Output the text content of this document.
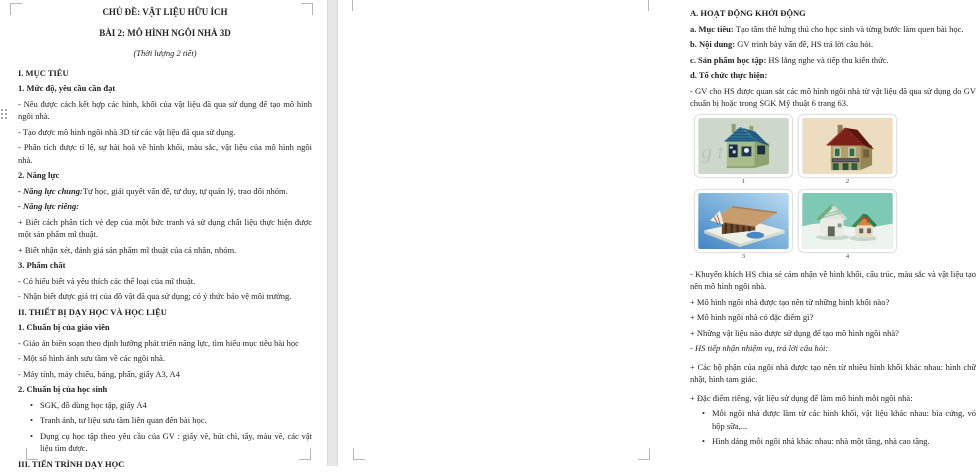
CHỦ ĐỀ: VẬT LIỆU HỮU ÍCH

BÀI 2: MÔ HÌNH NGÔI NHÀ 3D

(Thời lượng 2 tiết)

I. MỤC TIÊU

1. Mức độ, yêu cầu cần đạt

- Nêu được cách kết hợp các hình, khối của vật liệu đã qua sử dụng để tạo mô hình ngôi nhà.

- Tạo được mô hình ngôi nhà 3D từ các vật liệu đã qua sử dụng.

- Phân tích được tỉ lệ, sự hài hoà về hình khối, màu sắc, vật liệu của mô hình ngôi nhà.

2. Năng lực

- Năng lực chung:Tự học, giải quyết vấn đề, tư duy, tự quản lý, trao đổi nhóm.

- Năng lực riêng:

+ Biết cách phân tích vẻ đẹp của một bức tranh và sử dụng chất liệu thực hiện được một sản phẩm mĩ thuật.

+ Biết nhận xét, đánh giá sản phẩm mĩ thuật của cá nhân, nhóm.

3. Phẩm chất

- Có hiểu biết và yêu thích các thể loại của mĩ thuật.

- Nhận biết được giá trị của đồ vật đã qua sử dụng; có ý thức bảo vệ môi trường.

II. THIẾT BỊ DẠY HỌC VÀ HỌC LIỆU

1. Chuẩn bị của giáo viên

- Giáo án biên soạn theo định hướng phát triển năng lực, tìm hiểu mục tiêu bài học

- Một số hình ảnh sưu tầm về các ngôi nhà.

- Máy tính, máy chiếu, bảng, phấn, giấy A3, A4

2. Chuẩn bị của học sinh

• SGK, đồ dùng học tập, giấy A4

• Tranh ảnh, tư liệu sưu tầm liên quan đến bài học.

• Dụng cụ học tập theo yêu cầu của GV : giấy vẽ, bút chì, tẩy, màu vẽ, các vật liệu tìm được.

III. TIẾN TRÌNH DẠY HỌC

A. HOẠT ĐỘNG KHỞI ĐỘNG

a. Mục tiêu: Tạo tâm thế hứng thú cho học sinh và từng bước làm quen bài học.

b. Nội dung: GV trình bày vấn đề, HS trả lời câu hỏi.

c. Sản phẩm học tập: HS lắng nghe và tiếp thu kiến thức.

d. Tổ chức thực hiện:

- GV cho HS được quan sát các mô hình ngôi nhà từ vật liệu đã qua sử dụng do GV chuẩn bị hoặc trong SGK Mỹ thuật 6 trang 63.

g t
1	2
3	4

- Khuyến khích HS chia sẻ cảm nhận về hình khối, cấu trúc, màu sắc và vật liệu tạo nên mô hình ngôi nhà.

+ Mô hình ngôi nhà được tạo nên từ những hình khối nào?

+ Mô hình ngôi nhà có đặc điểm gì?

+ Những vật liệu nào được sử dụng để tạo mô hình ngôi nhà?

- HS tiếp nhận nhiệm vụ, trả lời câu hỏi:

+ Các bộ phận của ngôi nhà được tạo nên từ nhiều hình khối khác nhau: hình chữ nhật, hình tam giác.

+ Đặc điểm riêng, vật liệu sử dụng để làm mô hình mỗi ngôi nhà:

• Mỗi ngôi nhà được làm từ các hình khối, vật liệu khác nhau: bìa cứng, vỏ hộp sữa,...

• Hình dáng mỗi ngôi nhà khác nhau: nhà một tầng, nhà cao tầng.
